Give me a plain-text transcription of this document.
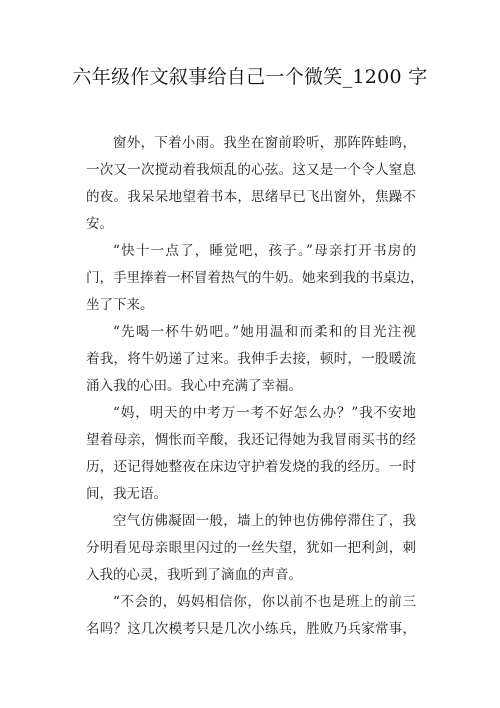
六年级作文叙事给自己一个微笑_1200 字
窗外，下着小雨。我坐在窗前聆听，那阵阵蛙鸣，
一次又一次搅动着我烦乱的心弦。这又是一个令人窒息
的夜。我呆呆地望着书本，思绪早已飞出窗外，焦躁不
安。
“快十一点了，睡觉吧，孩子。”母亲打开书房的
门，手里捧着一杯冒着热气的牛奶。她来到我的书桌边，
坐了下来。
“先喝一杯牛奶吧。”她用温和而柔和的目光注视
着我，将牛奶递了过来。我伸手去接，顿时，一股暖流
涌入我的心田。我心中充满了幸福。
“妈，明天的中考万一考不好怎么办？”我不安地
望着母亲，惆怅而辛酸，我还记得她为我冒雨买书的经
历，还记得她整夜在床边守护着发烧的我的经历。一时
间，我无语。
空气仿佛凝固一般，墙上的钟也仿佛停滞住了，我
分明看见母亲眼里闪过的一丝失望，犹如一把利剑，刺
入我的心灵，我听到了滴血的声音。
“不会的，妈妈相信你，你以前不也是班上的前三
名吗？这几次模考只是几次小练兵，胜败乃兵家常事，
